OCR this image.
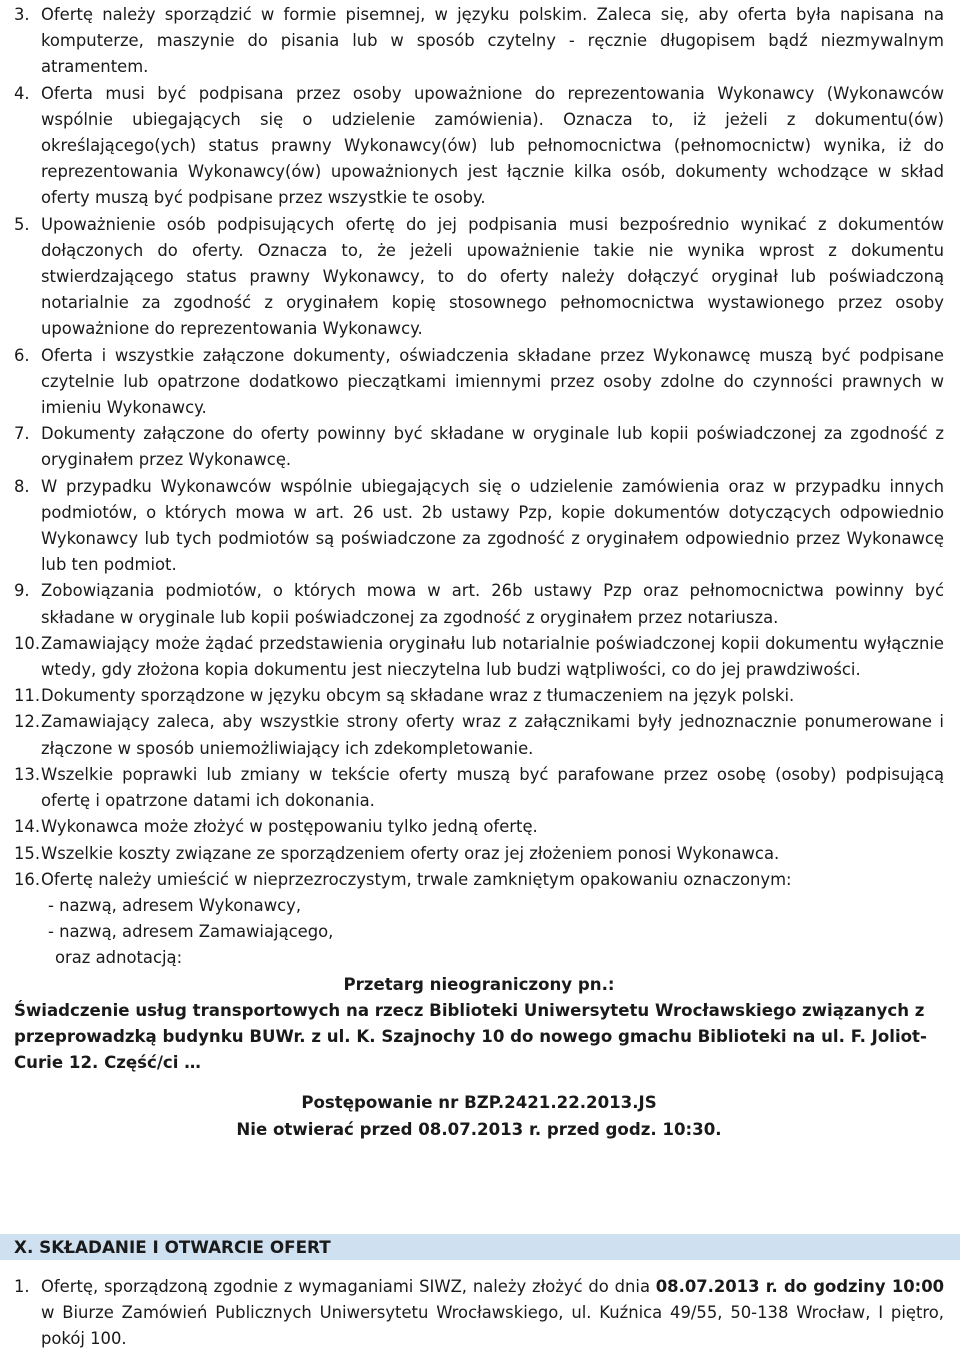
3. Ofertę należy sporządzić w formie pisemnej, w języku polskim. Zaleca się, aby oferta była napisana na komputerze, maszynie do pisania lub w sposób czytelny - ręcznie długopisem bądź niezmywalnym atramentem.

4. Oferta musi być podpisana przez osoby upoważnione do reprezentowania Wykonawcy (Wykonawców wspólnie ubiegających się o udzielenie zamówienia). Oznacza to, iż jeżeli z dokumentu(ów) określającego(ych) status prawny Wykonawcy(ów) lub pełnomocnictwa (pełnomocnictw) wynika, iż do reprezentowania Wykonawcy(ów) upoważnionych jest łącznie kilka osób, dokumenty wchodzące w skład oferty muszą być podpisane przez wszystkie te osoby.

5. Upoważnienie osób podpisujących ofertę do jej podpisania musi bezpośrednio wynikać z dokumentów dołączonych do oferty. Oznacza to, że jeżeli upoważnienie takie nie wynika wprost z dokumentu stwierdzającego status prawny Wykonawcy, to do oferty należy dołączyć oryginał lub poświadczoną notarialnie za zgodność z oryginałem kopię stosownego pełnomocnictwa wystawionego przez osoby upoważnione do reprezentowania Wykonawcy.

6. Oferta i wszystkie załączone dokumenty, oświadczenia składane przez Wykonawcę muszą być podpisane czytelnie lub opatrzone dodatkowo pieczątkami imiennymi przez osoby zdolne do czynności prawnych w imieniu Wykonawcy.

7. Dokumenty załączone do oferty powinny być składane w oryginale lub kopii poświadczonej za zgodność z oryginałem przez Wykonawcę.

8. W przypadku Wykonawców wspólnie ubiegających się o udzielenie zamówienia oraz w przypadku innych podmiotów, o których mowa w art. 26 ust. 2b ustawy Pzp, kopie dokumentów dotyczących odpowiednio Wykonawcy lub tych podmiotów są poświadczone za zgodność z oryginałem odpowiednio przez Wykonawcę lub ten podmiot.

9. Zobowiązania podmiotów, o których mowa w art. 26b ustawy Pzp oraz pełnomocnictwa powinny być składane w oryginale lub kopii poświadczonej za zgodność z oryginałem przez notariusza.

10. Zamawiający może żądać przedstawienia oryginału lub notarialnie poświadczonej kopii dokumentu wyłącznie wtedy, gdy złożona kopia dokumentu jest nieczytelna lub budzi wątpliwości, co do jej prawdziwości.

11. Dokumenty sporządzone w języku obcym są składane wraz z tłumaczeniem na język polski.

12. Zamawiający zaleca, aby wszystkie strony oferty wraz z załącznikami były jednoznacznie ponumerowane i złączone w sposób uniemożliwiający ich zdekompletowanie.

13. Wszelkie poprawki lub zmiany w tekście oferty muszą być parafowane przez osobę (osoby) podpisującą ofertę i opatrzone datami ich dokonania.

14. Wykonawca może złożyć w postępowaniu tylko jedną ofertę.

15. Wszelkie koszty związane ze sporządzeniem oferty oraz jej złożeniem ponosi Wykonawca.

16. Ofertę należy umieścić w nieprzezroczystym, trwale zamkniętym opakowaniu oznaczonym:

- nazwą, adresem Wykonawcy,

- nazwą, adresem Zamawiającego,

oraz adnotacją:

Przetarg nieograniczony pn.:

Świadczenie usług transportowych na rzecz Biblioteki Uniwersytetu Wrocławskiego związanych z przeprowadzką budynku BUWr. z ul. K. Szajnochy 10 do nowego gmachu Biblioteki na ul. F. Joliot-Curie 12. Część/ci …

Postępowanie nr BZP.2421.22.2013.JS

Nie otwierać przed 08.07.2013 r. przed godz. 10:30.

X. SKŁADANIE I OTWARCIE OFERT

1. Ofertę, sporządzoną zgodnie z wymaganiami SIWZ, należy złożyć do dnia 08.07.2013 r. do godziny 10:00 w Biurze Zamówień Publicznych Uniwersytetu Wrocławskiego, ul. Kuźnica 49/55, 50-138 Wrocław, I piętro, pokój 100.
